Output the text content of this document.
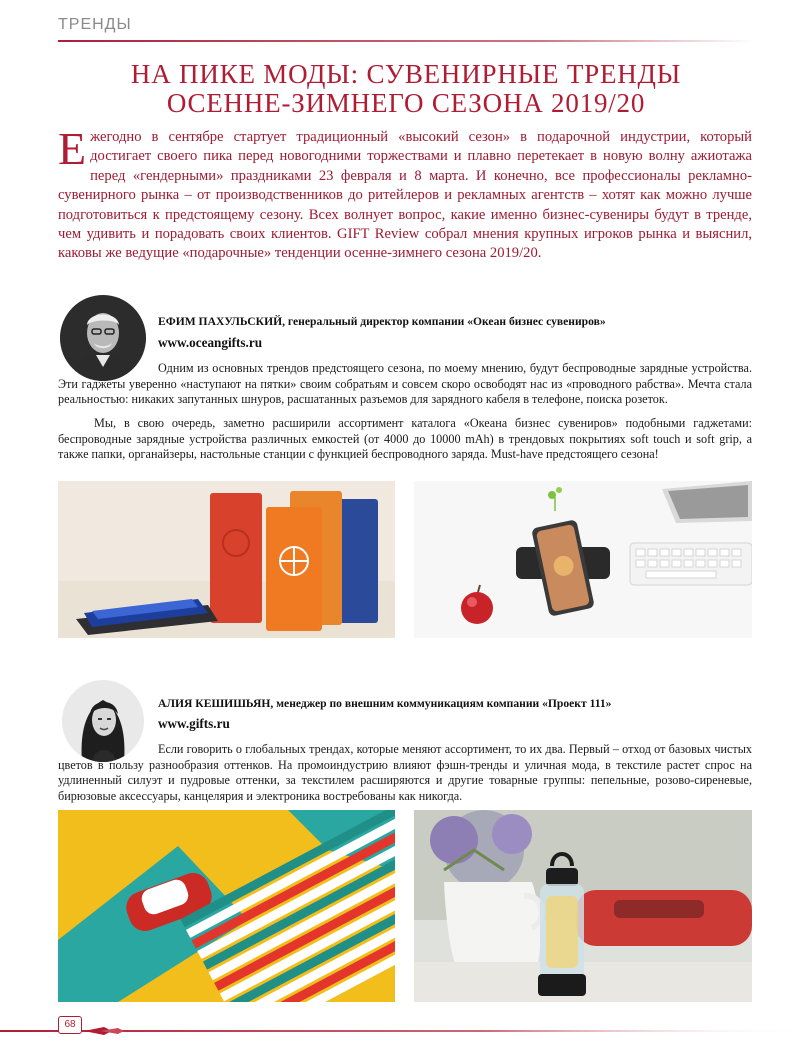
ТРЕНДЫ
НА ПИКЕ МОДЫ: СУВЕНИРНЫЕ ТРЕНДЫ
ОСЕННЕ-ЗИМНЕГО СЕЗОНА 2019/20

Ежегодно в сентябре стартует традиционный «высокий сезон» в подарочной индустрии, который достигает своего пика перед новогодними торжествами и плавно перетекает в новую волну ажиотажа перед «гендерными» праздниками 23 февраля и 8 марта. И конечно, все профессионалы рекламно-сувенирного рынка – от производственников до ритейлеров и рекламных агентств – хотят как можно лучше подготовиться к предстоящему сезону. Всех волнует вопрос, какие именно бизнес-сувениры будут в тренде, чем удивить и порадовать своих клиентов. GIFT Review собрал мнения крупных игроков рынка и выяснил, каковы же ведущие «подарочные» тенденции осенне-зимнего сезона 2019/20.

ЕФИМ ПАХУЛЬСКИЙ, генеральный директор компании «Океан бизнес сувениров»

www.oceangifts.ru

Одним из основных трендов предстоящего сезона, по моему мнению, будут беспроводные зарядные устройства. Эти гаджеты уверенно «наступают на пятки» своим собратьям и совсем скоро освободят нас из «проводного рабства». Мечта стала реальностью: никаких запутанных шнуров, расшатанных разъемов для зарядного кабеля в телефоне, поиска розеток.

Мы, в свою очередь, заметно расширили ассортимент каталога «Океана бизнес сувениров» подобными гаджетами: беспроводные зарядные устройства различных емкостей (от 4000 до 10000 mAh) в трендовых покрытиях soft touch и soft grip, а также папки, органайзеры, настольные станции с функцией беспроводного заряда. Must-have предстоящего сезона!

АЛИЯ КЕШИШЬЯН, менеджер по внешним коммуникациям компании «Проект 111»

www.gifts.ru

Если говорить о глобальных трендах, которые меняют ассортимент, то их два. Первый – отход от базовых чистых цветов в пользу разнообразия оттенков. На промоиндустрию влияют фэшн-тренды и уличная мода, в текстиле растет спрос на удлиненный силуэт и пудровые оттенки, за текстилем расширяются и другие товарные группы: пепельные, розово-сиреневые, бирюзовые аксессуары, канцелярия и электроника востребованы как никогда.

68
